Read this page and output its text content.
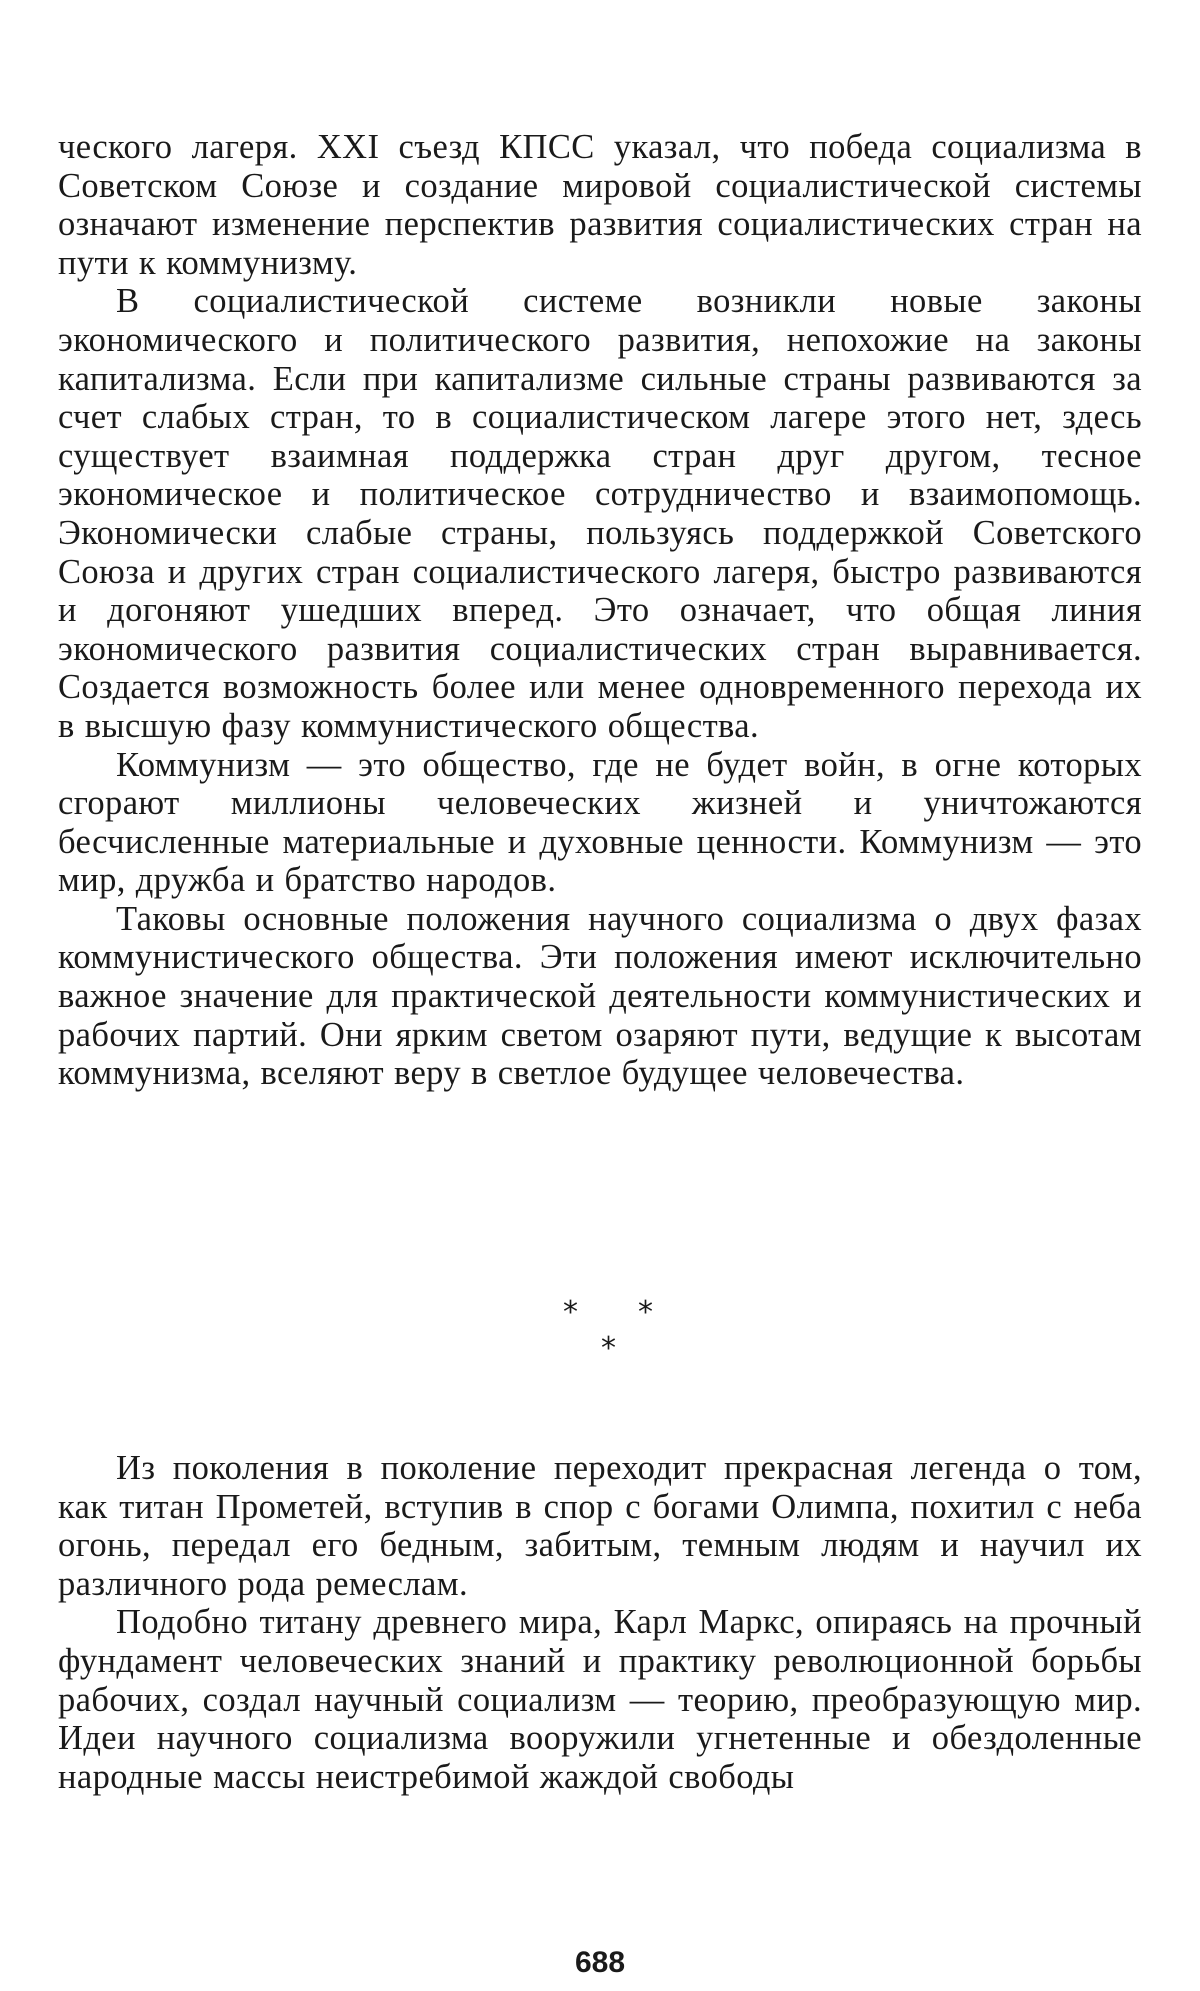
ческого лагеря. XXI съезд КПСС указал, что победа социализма в Советском Союзе и создание мировой социалистической системы означают изменение перспектив развития социалистических стран на пути к коммунизму.

В социалистической системе возникли новые законы экономического и политического развития, непохожие на законы капитализма. Если при капитализме сильные страны развиваются за счет слабых стран, то в социалистическом лагере этого нет, здесь существует взаимная поддержка стран друг другом, тесное экономическое и политическое сотрудничество и взаимопомощь. Экономически слабые страны, пользуясь поддержкой Советского Союза и других стран социалистического лагеря, быстро развиваются и догоняют ушедших вперед. Это означает, что общая линия экономического развития социалистических стран выравнивается. Создается возможность более или менее одновременного перехода их в высшую фазу коммунистического общества.

Коммунизм — это общество, где не будет войн, в огне которых сгорают миллионы человеческих жизней и уничтожаются бесчисленные материальные и духовные ценности. Коммунизм — это мир, дружба и братство народов.

Таковы основные положения научного социализма о двух фазах коммунистического общества. Эти положения имеют исключительно важное значение для практической деятельности коммунистических и рабочих партий. Они ярким светом озаряют пути, ведущие к высотам коммунизма, вселяют веру в светлое будущее человечества.

* *
*

Из поколения в поколение переходит прекрасная легенда о том, как титан Прометей, вступив в спор с богами Олимпа, похитил с неба огонь, передал его бедным, забитым, темным людям и научил их различного рода ремеслам.

Подобно титану древнего мира, Карл Маркс, опираясь на прочный фундамент человеческих знаний и практику революционной борьбы рабочих, создал научный социализм — теорию, преобразующую мир. Идеи научного социализма вооружили угнетенные и обездоленные народные массы неистребимой жаждой свободы

688
